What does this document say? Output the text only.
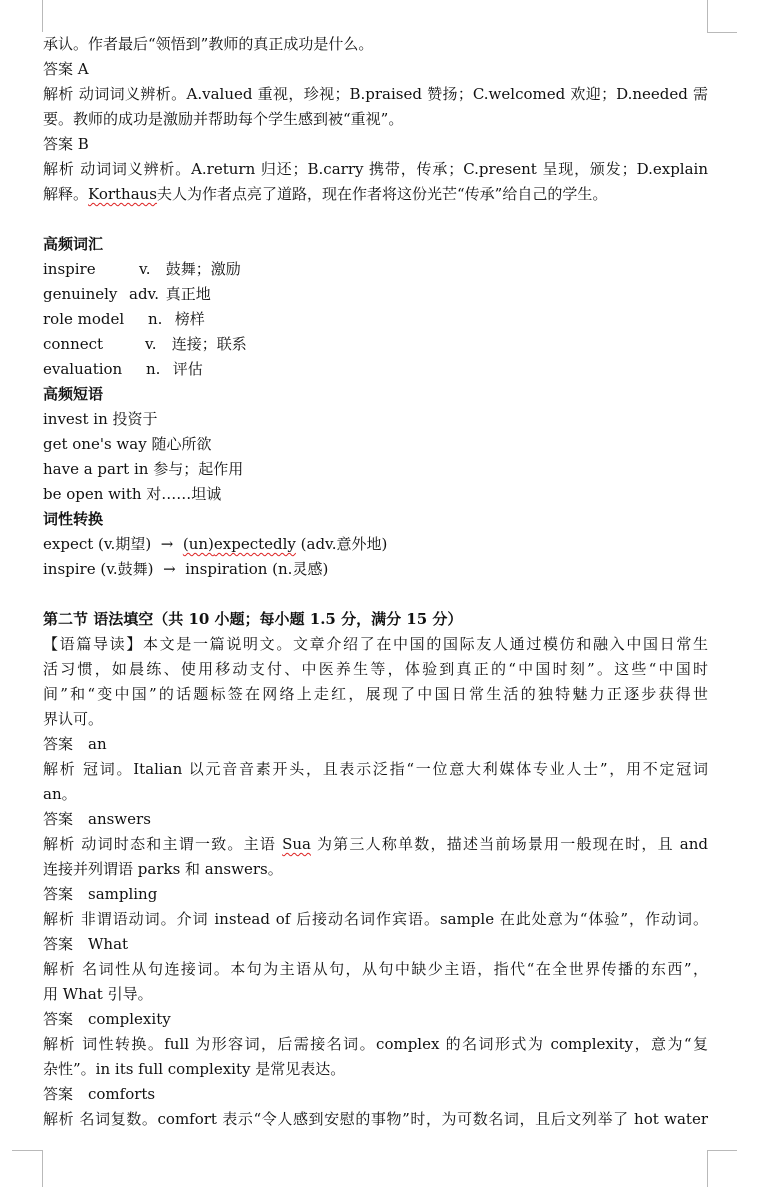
承认。作者最后“领悟到”教师的真正成功是什么。
答案 A
解析 动词词义辨析。A.valued 重视，珍视；B.praised 赞扬；C.welcomed 欢迎；D.needed 需
要。教师的成功是激励并帮助每个学生感到被“重视”。
答案 B
解析 动词词义辨析。A.return 归还；B.carry 携带，传承；C.present 呈现，颁发；D.explain
解释。Korthaus夫人为作者点亮了道路，现在作者将这份光芒“传承”给自己的学生。
高频词汇
inspire	v. 鼓舞；激励
genuinely adv. 真正地
role model n. 榜样
connect	v. 连接；联系
evaluation n. 评估
高频短语
invest in 投资于
get one's way 随心所欲
have a part in 参与；起作用
be open with 对……坦诚
词性转换
expect (v.期望) → (un)expectedly (adv.意外地)
inspire (v.鼓舞) → inspiration (n.灵感)
第二节 语法填空（共 10 小题；每小题 1.5 分，满分 15 分）
【语篇导读】本文是一篇说明文。文章介绍了在中国的国际友人通过模仿和融入中国日常生
活习惯，如晨练、使用移动支付、中医养生等，体验到真正的“中国时刻”。这些“中国时
间”和“变中国”的话题标签在网络上走红，展现了中国日常生活的独特魅力正逐步获得世
界认可。
答案 an
解析 冠词。Italian 以元音音素开头，且表示泛指“一位意大利媒体专业人士”，用不定冠词
an。
答案 answers
解析 动词时态和主谓一致。主语 Sua 为第三人称单数，描述当前场景用一般现在时，且 and
连接并列谓语 parks 和 answers。
答案 sampling
解析 非谓语动词。介词 instead of 后接动名词作宾语。sample 在此处意为“体验”，作动词。
答案 What
解析 名词性从句连接词。本句为主语从句，从句中缺少主语，指代“在全世界传播的东西”，
用 What 引导。
答案 complexity
解析 词性转换。full 为形容词，后需接名词。complex 的名词形式为 complexity，意为“复
杂性”。in its full complexity 是常见表达。
答案 comforts
解析 名词复数。comfort 表示“令人感到安慰的事物”时，为可数名词，且后文列举了 hot water
